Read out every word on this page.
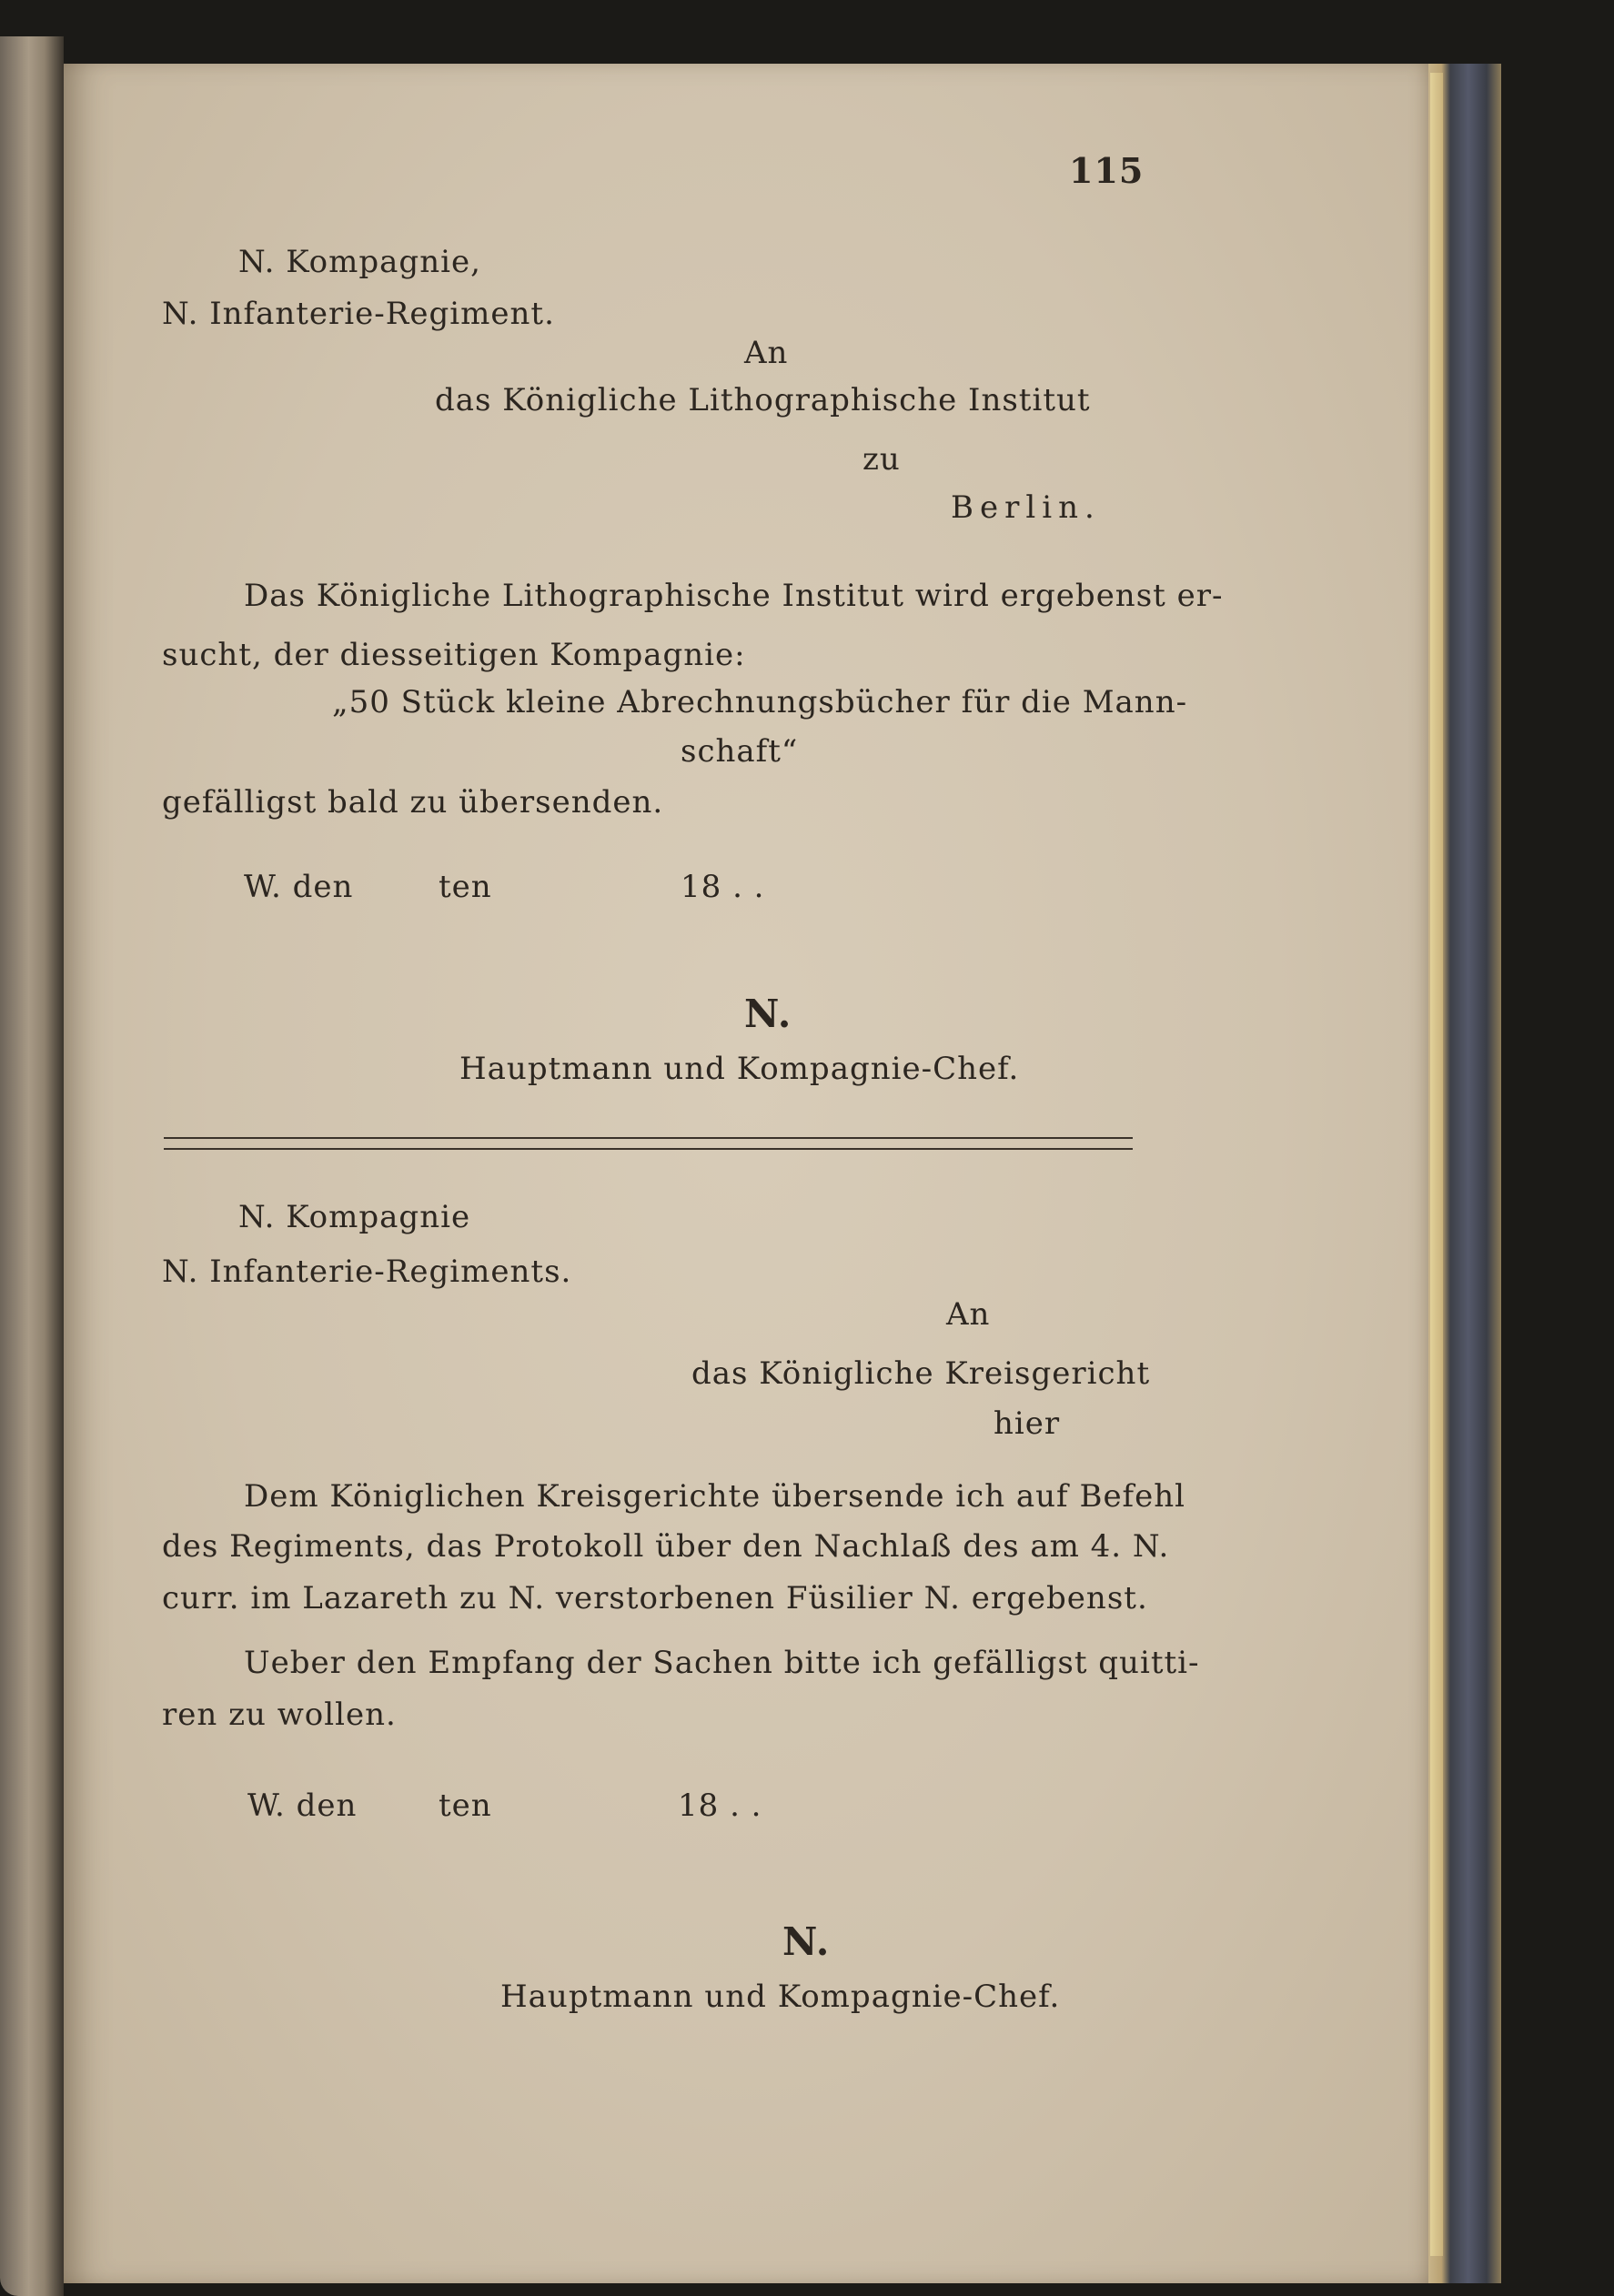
115
N. Kompagnie,
N. Infanterie-Regiment.
An
das Königliche Lithographische Institut
zu
Berlin.
Das Königliche Lithographische Institut wird ergebenst er-
sucht, der diesseitigen Kompagnie:
„50 Stück kleine Abrechnungsbücher für die Mann-
schaft“
gefälligst bald zu übersenden.
W. den	ten	18 . .
N.
Hauptmann und Kompagnie-Chef.
N. Kompagnie
N. Infanterie-Regiments.
An
das Königliche Kreisgericht
hier
Dem Königlichen Kreisgerichte übersende ich auf Befehl
des Regiments, das Protokoll über den Nachlaß des am 4. N.
curr. im Lazareth zu N. verstorbenen Füsilier N. ergebenst.
Ueber den Empfang der Sachen bitte ich gefälligst quitti-
ren zu wollen.
W. den	ten	18 . .
N.
Hauptmann und Kompagnie-Chef.
